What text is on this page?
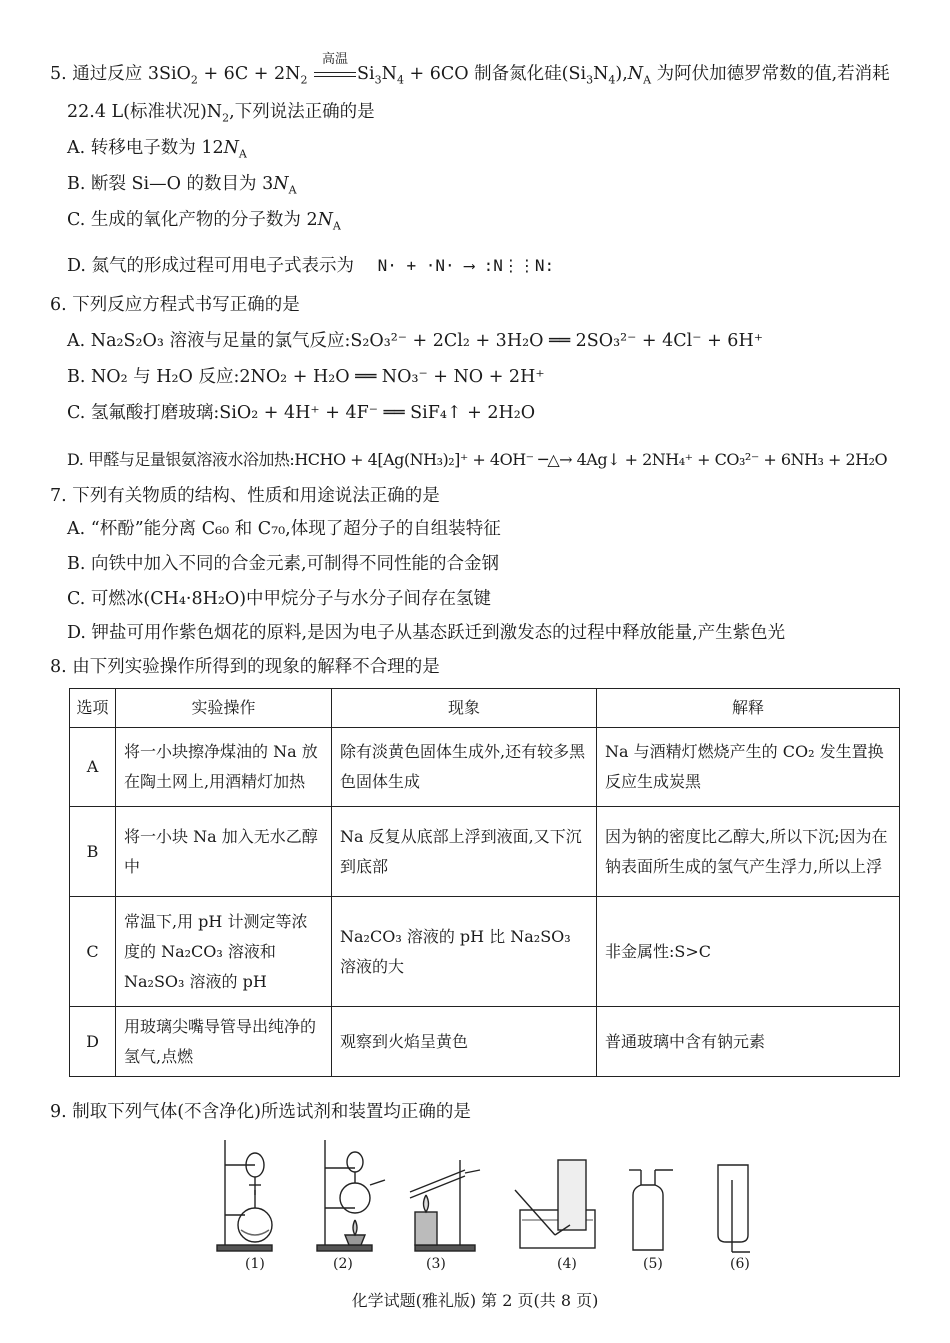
5. 通过反应 $3SiO_2 + 6C + 2N_2$
高温
$Si_3N_4 + 6CO$ 制备氮化硅$(Si_3N_4),N_A$ 为阿伏加德罗常数的值,若消耗
22.4 L(标准状况)$N_2$,下列说法正确的是
A. 转移电子数为 $12N_A$
B. 断裂 Si—O 的数目为 $3N_A$
C. 生成的氧化产物的分子数为 $2N_A$
D. 氮气的形成过程可用电子式表示为 N· + ·N· ⟶ :N⋮⋮N:
6. 下列反应方程式书写正确的是
A. Na₂S₂O₃ 溶液与足量的氯气反应:S₂O₃²⁻ + 2Cl₂ + 3H₂O ══ 2SO₃²⁻ + 4Cl⁻ + 6H⁺
B. NO₂ 与 H₂O 反应:2NO₂ + H₂O ══ NO₃⁻ + NO + 2H⁺
C. 氢氟酸打磨玻璃:SiO₂ + 4H⁺ + 4F⁻ ══ SiF₄↑ + 2H₂O
D. 甲醛与足量银氨溶液水浴加热:HCHO + 4[Ag(NH₃)₂]⁺ + 4OH⁻ ─△→ 4Ag↓ + 2NH₄⁺ + CO₃²⁻ + 6NH₃ + 2H₂O
7. 下列有关物质的结构、性质和用途说法正确的是
A. “杯酚”能分离 C₆₀ 和 C₇₀,体现了超分子的自组装特征
B. 向铁中加入不同的合金元素,可制得不同性能的合金钢
C. 可燃冰(CH₄·8H₂O)中甲烷分子与水分子间存在氢键
D. 钾盐可用作紫色烟花的原料,是因为电子从基态跃迁到激发态的过程中释放能量,产生紫色光
8. 由下列实验操作所得到的现象的解释不合理的是
选项	实验操作	现象	解释
A	将一小块擦净煤油的 Na 放在陶土网上,用酒精灯加热	除有淡黄色固体生成外,还有较多黑色固体生成	Na 与酒精灯燃烧产生的 CO₂ 发生置换反应生成炭黑
B	将一小块 Na 加入无水乙醇中	Na 反复从底部上浮到液面,又下沉到底部	因为钠的密度比乙醇大,所以下沉;因为在钠表面所生成的氢气产生浮力,所以上浮
C	常温下,用 pH 计测定等浓度的 Na₂CO₃ 溶液和 Na₂SO₃ 溶液的 pH	Na₂CO₃ 溶液的 pH 比 Na₂SO₃ 溶液的大	非金属性:S>C
D	用玻璃尖嘴导管导出纯净的氢气,点燃	观察到火焰呈黄色	普通玻璃中含有钠元素
9. 制取下列气体(不含净化)所选试剂和装置均正确的是
(1)	(2)	(3)	(4)	(5)	(6)
化学试题(雅礼版) 第 2 页(共 8 页)
